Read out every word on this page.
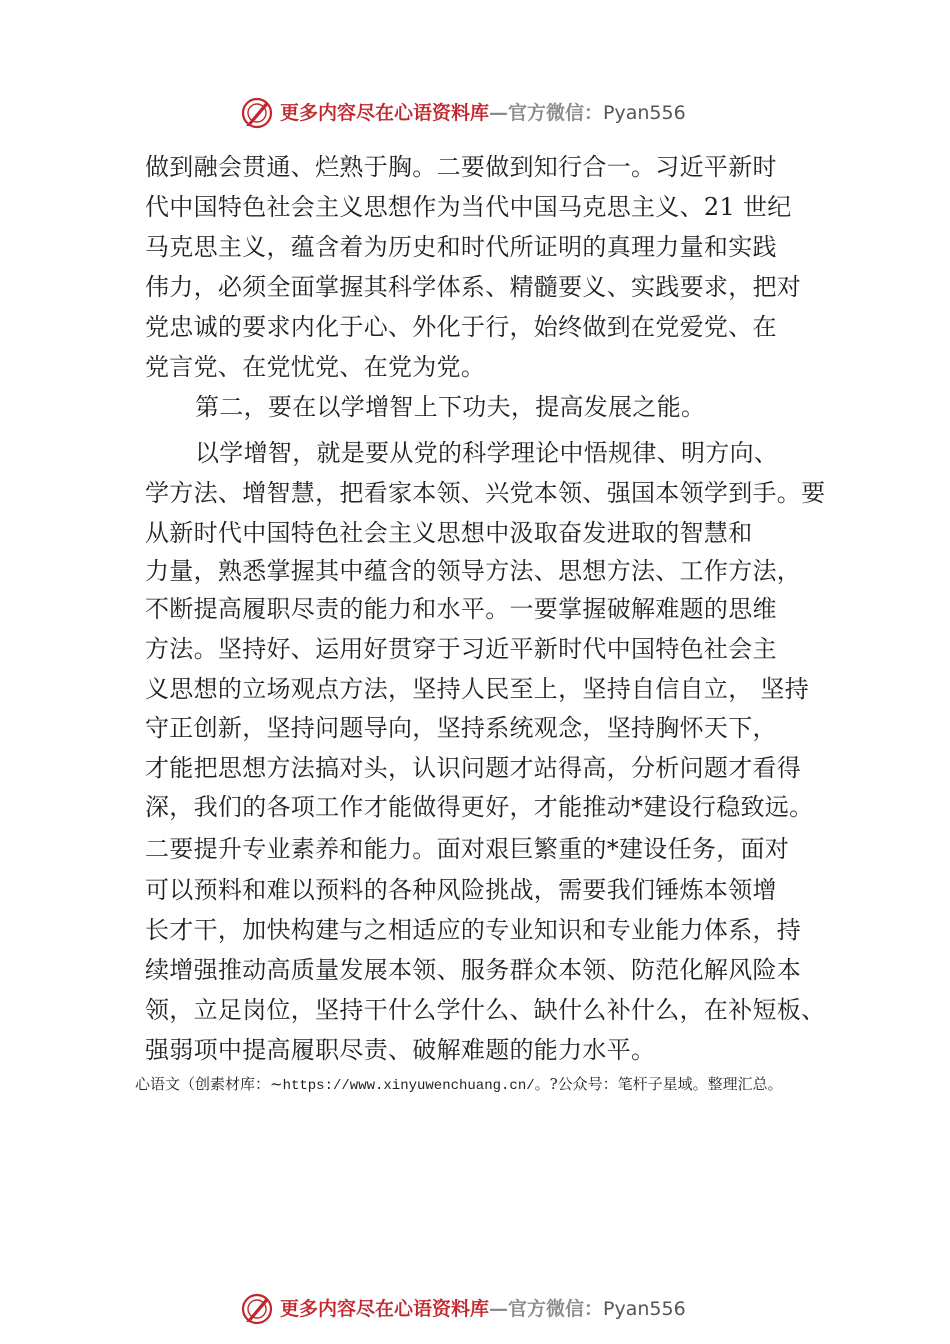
更多内容尽在心语资料库—官方微信：Pyan556
做到融会贯通、烂熟于胸。二要做到知行合一。习近平新时
代中国特色社会主义思想作为当代中国马克思主义、21 世纪
马克思主义，蕴含着为历史和时代所证明的真理力量和实践
伟力，必须全面掌握其科学体系、精髓要义、实践要求，把对
党忠诚的要求内化于心、外化于行，始终做到在党爱党、在
党言党、在党忧党、在党为党。
第二，要在以学增智上下功夫，提高发展之能。
以学增智，就是要从党的科学理论中悟规律、明方向、
学方法、增智慧，把看家本领、兴党本领、强国本领学到手。要
从新时代中国特色社会主义思想中汲取奋发进取的智慧和
力量，熟悉掌握其中蕴含的领导方法、思想方法、工作方法，
不断提高履职尽责的能力和水平。一要掌握破解难题的思维
方法。坚持好、运用好贯穿于习近平新时代中国特色社会主
义思想的立场观点方法，坚持人民至上，坚持自信自立， 坚持
守正创新，坚持问题导向，坚持系统观念，坚持胸怀天下，
才能把思想方法搞对头，认识问题才站得高，分析问题才看得
深，我们的各项工作才能做得更好，才能推动*建设行稳致远。
二要提升专业素养和能力。面对艰巨繁重的*建设任务，面对
可以预料和难以预料的各种风险挑战，需要我们锤炼本领增
长才干，加快构建与之相适应的专业知识和专业能力体系，持
续增强推动高质量发展本领、服务群众本领、防范化解风险本
领，立足岗位，坚持干什么学什么、缺什么补什么，在补短板、
强弱项中提高履职尽责、破解难题的能力水平。
心语文（创素材库：~https://www.xinyuwenchuang.cn/。?公众号：笔杆子星域。整理汇总。
更多内容尽在心语资料库—官方微信：Pyan556
